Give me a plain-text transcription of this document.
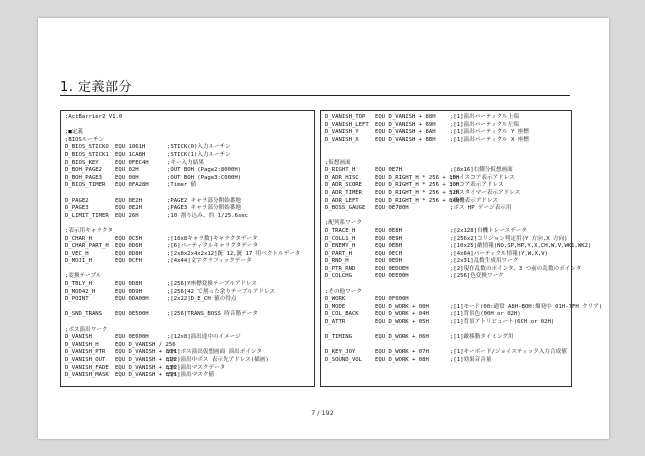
1. 定義部分
;ActBarrier2 V1.0
;■定義
;BIOSルーチン
D_BIOS_STICKO EQU 1061H	;STICK(0)入力ルーチン
D_BIOS_STICK1 EQU 1CA8H	;STICK(1)入力ルーチン
D_BIOS_KEY	EQU 0FEC4H	;キー入力結果
D_BOH_PAGE2 EQU 02H	;OUT BOH (Page2:8000H)
D_BOH_PAGE3 EQU 00H	;OUT BOH (Page3:C000H)
D_BIOS_TIMER EQU 0FA28H	;Timer 値
D_PAGE2	EQU 0E2H	;PAGE2 キャラ部分開始番地
D_PAGE3	EQU 0E2H	;PAGE3 キャラ部分開始番地
D_LIMIT_TIMER EQU 26H	;10 割り込み、約 1/25.6sec
;表示用キャラクタ
D_CHAR_H	EQU 0C5H	;[16x8キャラ数]キャラクタデータ
D_CHAR_PART_H EQU 0D6H	;[6]パーティクルキャラクタデータ
D_VEC_H	EQU 0D8H	;[2x8x2x4x2x12]銃 12,銃 17 用ベクトルデータ
D_MOJI_H	EQU 0CFH	;[4x44]文字グラフィックデータ
;変換テーブル
D_TBLY_H	EQU 0D8H	;[256]Y座標変換テーブルアドレス
D_MOD42_H	EQU 0D9H	;[256]42 で割った余りテーブルアドレス
D_POINT	EQU 0DA00H	;[2x22]D_E_CH 値の得点
D_SND_TRANS EQU 0E500H	;[256]TRANS_BOSS 時音階データ
;ボス演出ワーク
D_VANISH	EQU 0E600H	;[12x8]演出途中のイメージ
D_VANISH_H	EQU D_VANISH / 256
D_VANISH_PTR EQU D_VANISH + 80H;[1]ボス演出仮想画面 演出ポインタ
D_VANISH_OUT EQU D_VANISH + 81H;[2]演出中ボス 表示先アドレス(描画)
D_VANISH_FADE EQU D_VANISH + 83H;[2]演出マスクデータ
D_VANISH_MASK EQU D_VANISH + 85H;[1]演出マスク値
D_VANISH_TOP EQU D_VANISH + 88H	;[1]演出パーティクル上端
D_VANISH_LEFT EQU D_VANISH + 89H	;[1]演出パーティクル左端
D_VANISH_Y	EQU D_VANISH + 8AH	;[1]演出パーティクル Y 座標
D_VANISH_X	EQU D_VANISH + 8BH	;[1]演出パーティクル X 座標
;仮想画面
D_RIGHT_H	EQU 0E7H	;[8x16]右側分仮想画面
D_ADR_HISC	EQU D_RIGHT_H * 256 + 1BH;ハイスコア表示アドレス
D_ADR_SCORE EQU D_RIGHT_H * 256 + 30H;スコア表示アドレス
D_ADR_TIMER EQU D_RIGHT_H * 256 + 52H;ボスタイマー表示アドレス
D_ADR_LEFT	EQU D_RIGHT_H * 256 + 6AH;残機表示アドレス
D_BOSS_GAUGE EQU 0E780H	;ボス HP ゲージ表示用
;配列系ワーク
D_TRACE_H	EQU 0E8H	;[2x128]自機トレースデータ
D_COLL1_H	EQU 0E9H	;[256x2]コリジョン判定用(Y 方向,X 方向)
D_ENEMY_H	EQU 0EBH	;[10x25]敵情報(NO,SP,HP,Y,X,CH,W,V,WK1,WK2)
D_PART_H	EQU 0ECH	;[4x64]パーティクル情報(Y,W,X,V)
D_RND_H	EQU 0EDH	;[2x31]乱数生成用ワーク
D_PTR_RND	EQU 0EDOEH	;[2]現在乱数のポインタ、3 つ前の乱数のポインタ
D_COLCHG	EQU 0EE00H	;[256]色変換ワーク
;その他ワーク
D_WORK	EQU 0F000H
D_MODE	EQU D_WORK + 00H	;[1]モード(00:通常 A8H-BOH:爆発中 01H-7FH クリア)
D_COL_BACK	EQU D_WORK + 04H	;[1]背景色(00H or 02H)
D_ATTR	EQU D_WORK + 05H	;[1]背景アトリビュート(6CH or 02H)
D_TIMING	EQU D_WORK + 06H	;[1]敵移動タイミング用
D_KEY_JOY	EQU D_WORK + 07H	;[1]キーボード/ジョイスティック入力合成値
D_SOUND_VOL EQU D_WORK + 08H	;[1]効果音音量
7 / 192
